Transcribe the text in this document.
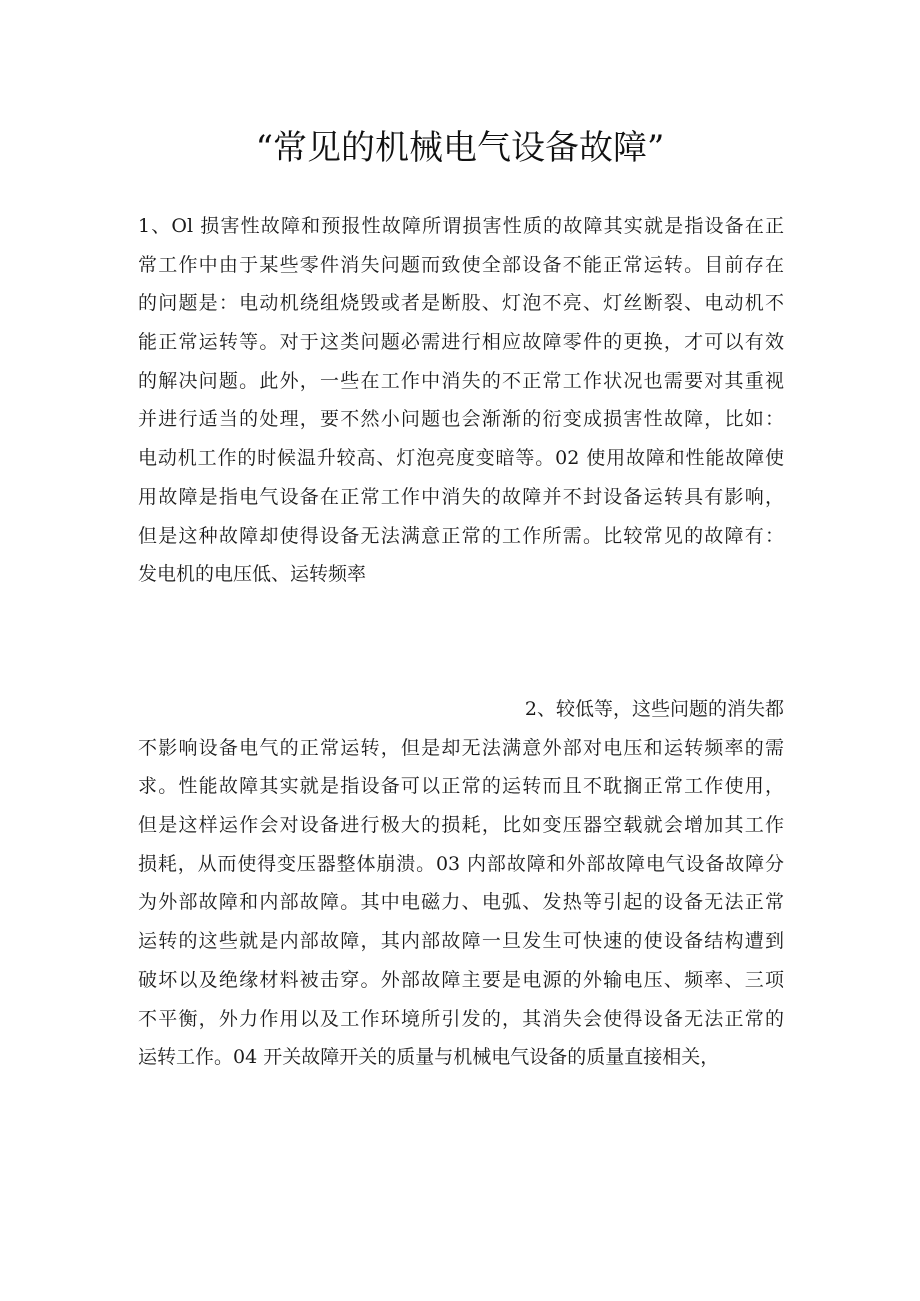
“常见的机械电气设备故障”
1、Ol 损害性故障和预报性故障所谓损害性质的故障其实就是指设备在正
常工作中由于某些零件消失问题而致使全部设备不能正常运转。目前存在
的问题是：电动机绕组烧毁或者是断股、灯泡不亮、灯丝断裂、电动机不
能正常运转等。对于这类问题必需进行相应故障零件的更换，才可以有效
的解决问题。此外，一些在工作中消失的不正常工作状况也需要对其重视
并进行适当的处理，要不然小问题也会渐渐的衍变成损害性故障，比如：
电动机工作的时候温升较高、灯泡亮度变暗等。02 使用故障和性能故障使
用故障是指电气设备在正常工作中消失的故障并不封设备运转具有影响，
但是这种故障却使得设备无法满意正常的工作所需。比较常见的故障有：
发电机的电压低、运转频率
2、较低等，这些问题的消失都
不影响设备电气的正常运转，但是却无法满意外部对电压和运转频率的需
求。性能故障其实就是指设备可以正常的运转而且不耽搁正常工作使用，
但是这样运作会对设备进行极大的损耗，比如变压器空载就会增加其工作
损耗，从而使得变压器整体崩溃。03 内部故障和外部故障电气设备故障分
为外部故障和内部故障。其中电磁力、电弧、发热等引起的设备无法正常
运转的这些就是内部故障，其内部故障一旦发生可快速的使设备结构遭到
破坏以及绝缘材料被击穿。外部故障主要是电源的外输电压、频率、三项
不平衡，外力作用以及工作环境所引发的，其消失会使得设备无法正常的
运转工作。04 开关故障开关的质量与机械电气设备的质量直接相关，
